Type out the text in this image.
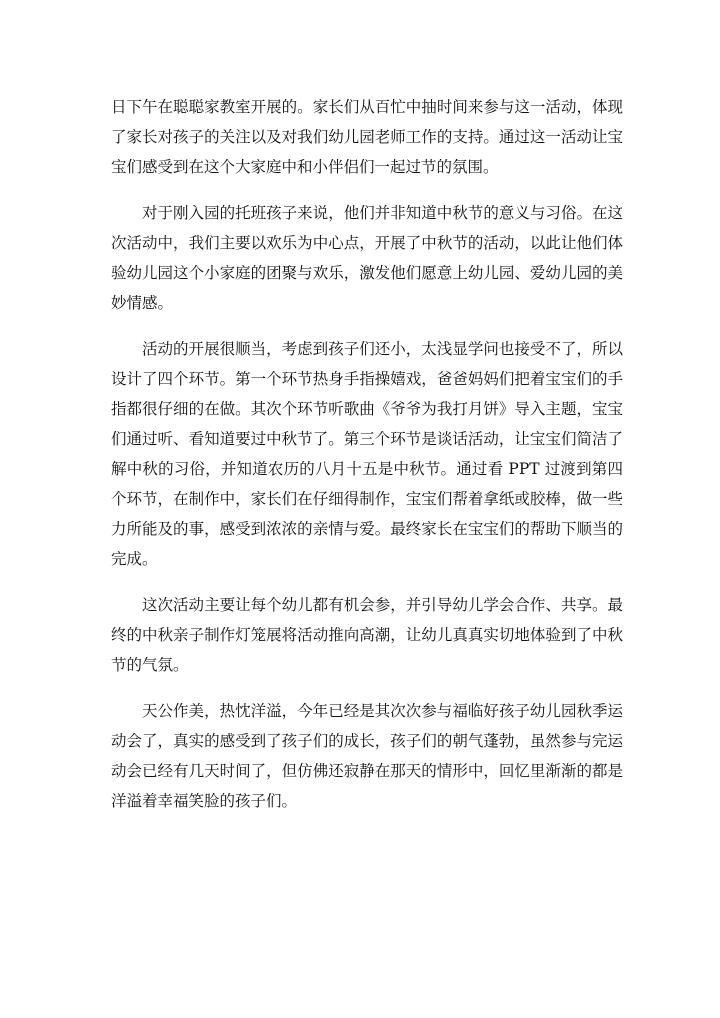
日下午在聪聪家教室开展的。家长们从百忙中抽时间来参与这一活动，体现了家长对孩子的关注以及对我们幼儿园老师工作的支持。通过这一活动让宝宝们感受到在这个大家庭中和小伴侣们一起过节的氛围。

对于刚入园的托班孩子来说，他们并非知道中秋节的意义与习俗。在这次活动中，我们主要以欢乐为中心点，开展了中秋节的活动，以此让他们体验幼儿园这个小家庭的团聚与欢乐，激发他们愿意上幼儿园、爱幼儿园的美妙情感。

活动的开展很顺当，考虑到孩子们还小，太浅显学问也接受不了，所以设计了四个环节。第一个环节热身手指操嬉戏，爸爸妈妈们把着宝宝们的手指都很仔细的在做。其次个环节听歌曲《爷爷为我打月饼》导入主题，宝宝们通过听、看知道要过中秋节了。第三个环节是谈话活动，让宝宝们简洁了解中秋的习俗，并知道农历的八月十五是中秋节。通过看 PPT 过渡到第四个环节，在制作中，家长们在仔细得制作，宝宝们帮着拿纸或胶棒，做一些力所能及的事，感受到浓浓的亲情与爱。最终家长在宝宝们的帮助下顺当的完成。

这次活动主要让每个幼儿都有机会参，并引导幼儿学会合作、共享。最终的中秋亲子制作灯笼展将活动推向高潮，让幼儿真真实切地体验到了中秋节的气氛。

天公作美，热忱洋溢，今年已经是其次次参与福临好孩子幼儿园秋季运动会了，真实的感受到了孩子们的成长，孩子们的朝气蓬勃，虽然参与完运动会已经有几天时间了，但仿佛还寂静在那天的情形中，回忆里渐渐的都是洋溢着幸福笑脸的孩子们。
